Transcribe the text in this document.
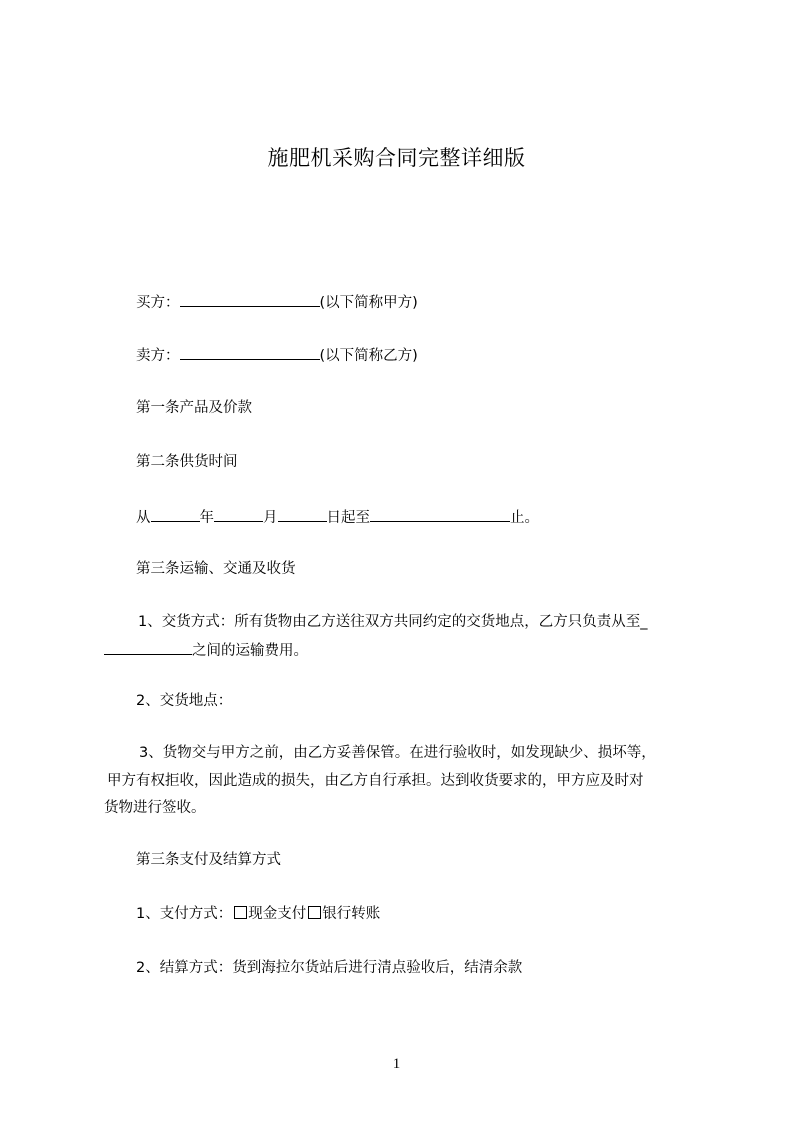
施肥机采购合同完整详细版
买方：	(以下简称甲方)
卖方：	(以下简称乙方)
第一条产品及价款
第二条供货时间
从	年	月	日起至	止。
第三条运输、交通及收货
1、交货方式：所有货物由乙方送往双方共同约定的交货地点，乙方只负责从至_
之间的运输费用。
2、交货地点：
3、货物交与甲方之前，由乙方妥善保管。在进行验收时，如发现缺少、损坏等，
甲方有权拒收，因此造成的损失，由乙方自行承担。达到收货要求的，甲方应及时对
货物进行签收。
第三条支付及结算方式
1、支付方式： 现金支付 银行转账
2、结算方式：货到海拉尔货站后进行清点验收后，结清余款
1
